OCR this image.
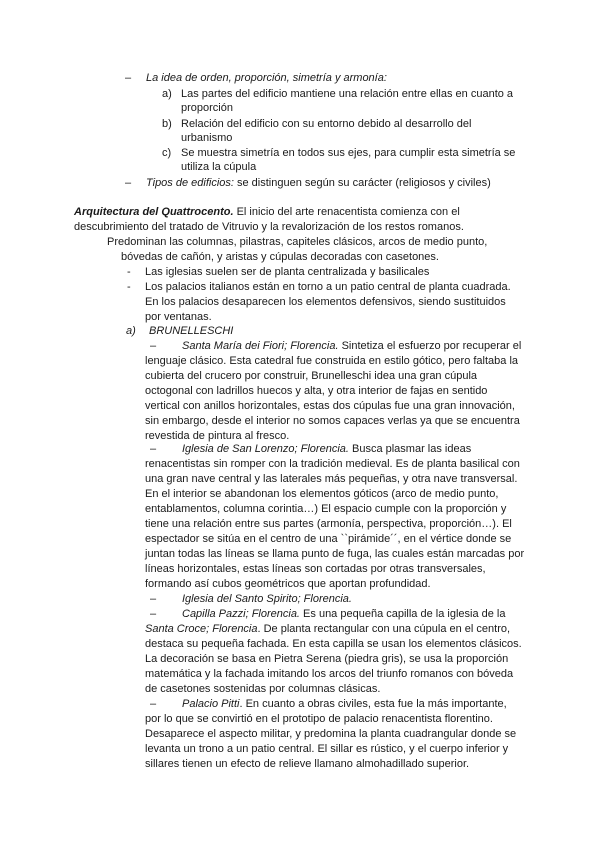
– La idea de orden, proporción, simetría y armonía:
a) Las partes del edificio mantiene una relación entre ellas en cuanto a
proporción
b) Relación del edificio con su entorno debido al desarrollo del
urbanismo
c) Se muestra simetría en todos sus ejes, para cumplir esta simetría se
utiliza la cúpula
– Tipos de edificios: se distinguen según su carácter (religiosos y civiles)
Arquitectura del Quattrocento. El inicio del arte renacentista comienza con el
descubrimiento del tratado de Vitruvio y la revalorización de los restos romanos.
Predominan las columnas, pilastras, capiteles clásicos, arcos de medio punto,
bóvedas de cañón, y aristas y cúpulas decoradas con casetones.
- Las iglesias suelen ser de planta centralizada y basilicales
- Los palacios italianos están en torno a un patio central de planta cuadrada.
En los palacios desaparecen los elementos defensivos, siendo sustituidos
por ventanas.
a) BRUNELLESCHI
– Santa María dei Fiori; Florencia. Sintetiza el esfuerzo por recuperar el
lenguaje clásico. Esta catedral fue construida en estilo gótico, pero faltaba la
cubierta del crucero por construir, Brunelleschi idea una gran cúpula
octogonal con ladrillos huecos y alta, y otra interior de fajas en sentido
vertical con anillos horizontales, estas dos cúpulas fue una gran innovación,
sin embargo, desde el interior no somos capaces verlas ya que se encuentra
revestida de pintura al fresco.
– Iglesia de San Lorenzo; Florencia. Busca plasmar las ideas
renacentistas sin romper con la tradición medieval. Es de planta basilical con
una gran nave central y las laterales más pequeñas, y otra nave transversal.
En el interior se abandonan los elementos góticos (arco de medio punto,
entablamentos, columna corintia…) El espacio cumple con la proporción y
tiene una relación entre sus partes (armonía, perspectiva, proporción…). El
espectador se sitúa en el centro de una ``pirámide´´, en el vértice donde se
juntan todas las líneas se llama punto de fuga, las cuales están marcadas por
líneas horizontales, estas líneas son cortadas por otras transversales,
formando así cubos geométricos que aportan profundidad.
– Iglesia del Santo Spirito; Florencia.
– Capilla Pazzi; Florencia. Es una pequeña capilla de la iglesia de la
Santa Croce; Florencia. De planta rectangular con una cúpula en el centro,
destaca su pequeña fachada. En esta capilla se usan los elementos clásicos.
La decoración se basa en Pietra Serena (piedra gris), se usa la proporción
matemática y la fachada imitando los arcos del triunfo romanos con bóveda
de casetones sostenidas por columnas clásicas.
– Palacio Pitti. En cuanto a obras civiles, esta fue la más importante,
por lo que se convirtió en el prototipo de palacio renacentista florentino.
Desaparece el aspecto militar, y predomina la planta cuadrangular donde se
levanta un trono a un patio central. El sillar es rústico, y el cuerpo inferior y
sillares tienen un efecto de relieve llamano almohadillado superior.
